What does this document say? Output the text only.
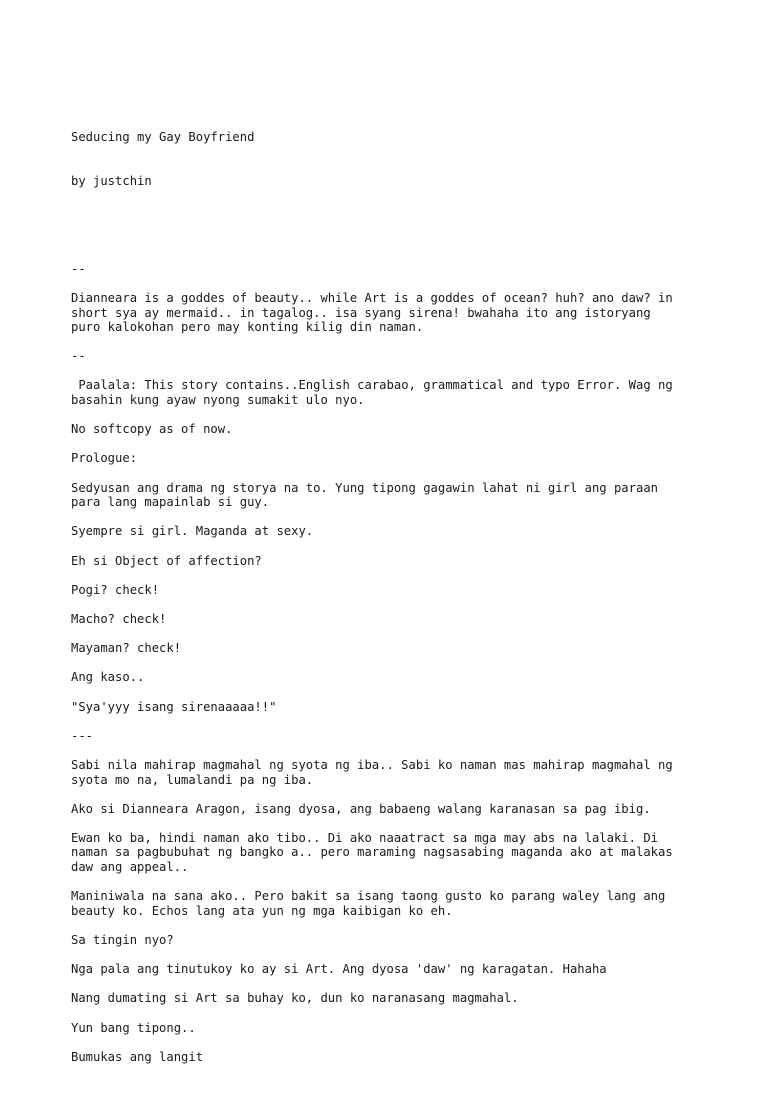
Seducing my Gay Boyfriend

by justchin

--
Dianneara is a goddes of beauty.. while Art is a goddes of ocean? huh? ano daw? in
short sya ay mermaid.. in tagalog.. isa syang sirena! bwahaha ito ang istoryang
puro kalokohan pero may konting kilig din naman.
--
Paalala: This story contains..English carabao, grammatical and typo Error. Wag ng
basahin kung ayaw nyong sumakit ulo nyo.
No softcopy as of now.
Prologue:
Sedyusan ang drama ng storya na to. Yung tipong gagawin lahat ni girl ang paraan
para lang mapainlab si guy.
Syempre si girl. Maganda at sexy.
Eh si Object of affection?
Pogi? check!
Macho? check!
Mayaman? check!
Ang kaso..
"Sya'yyy isang sirenaaaaa!!"
---
Sabi nila mahirap magmahal ng syota ng iba.. Sabi ko naman mas mahirap magmahal ng
syota mo na, lumalandi pa ng iba.
Ako si Dianneara Aragon, isang dyosa, ang babaeng walang karanasan sa pag ibig.
Ewan ko ba, hindi naman ako tibo.. Di ako naaatract sa mga may abs na lalaki. Di
naman sa pagbubuhat ng bangko a.. pero maraming nagsasabing maganda ako at malakas
daw ang appeal..
Maniniwala na sana ako.. Pero bakit sa isang taong gusto ko parang waley lang ang
beauty ko. Echos lang ata yun ng mga kaibigan ko eh.
Sa tingin nyo?
Nga pala ang tinutukoy ko ay si Art. Ang dyosa 'daw' ng karagatan. Hahaha
Nang dumating si Art sa buhay ko, dun ko naranasang magmahal.
Yun bang tipong..
Bumukas ang langit
